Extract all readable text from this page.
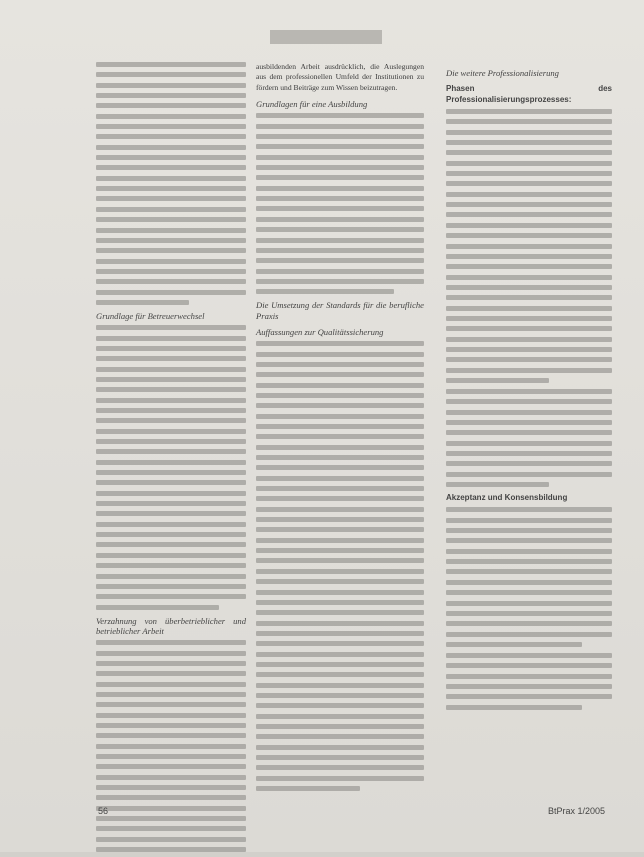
Grundlage für Betreuerwechsel
Verzahnung von überbetrieblicher und betrieblicher Arbeit

ausbildenden Arbeit ausdrücklich, die Auslegungen aus dem professionellen Umfeld der Institutionen zu fördern und Beiträge zum Wissen beizutragen.

Grundlagen für eine Ausbildung
Die Umsetzung der Standards für die berufliche Praxis
Auffassungen zur Qualitätssicherung
Die weitere Professionalisierung
Phasen des Professionalisierungsprozesses:
Akzeptanz und Konsensbildung
56	BtPrax 1/2005
